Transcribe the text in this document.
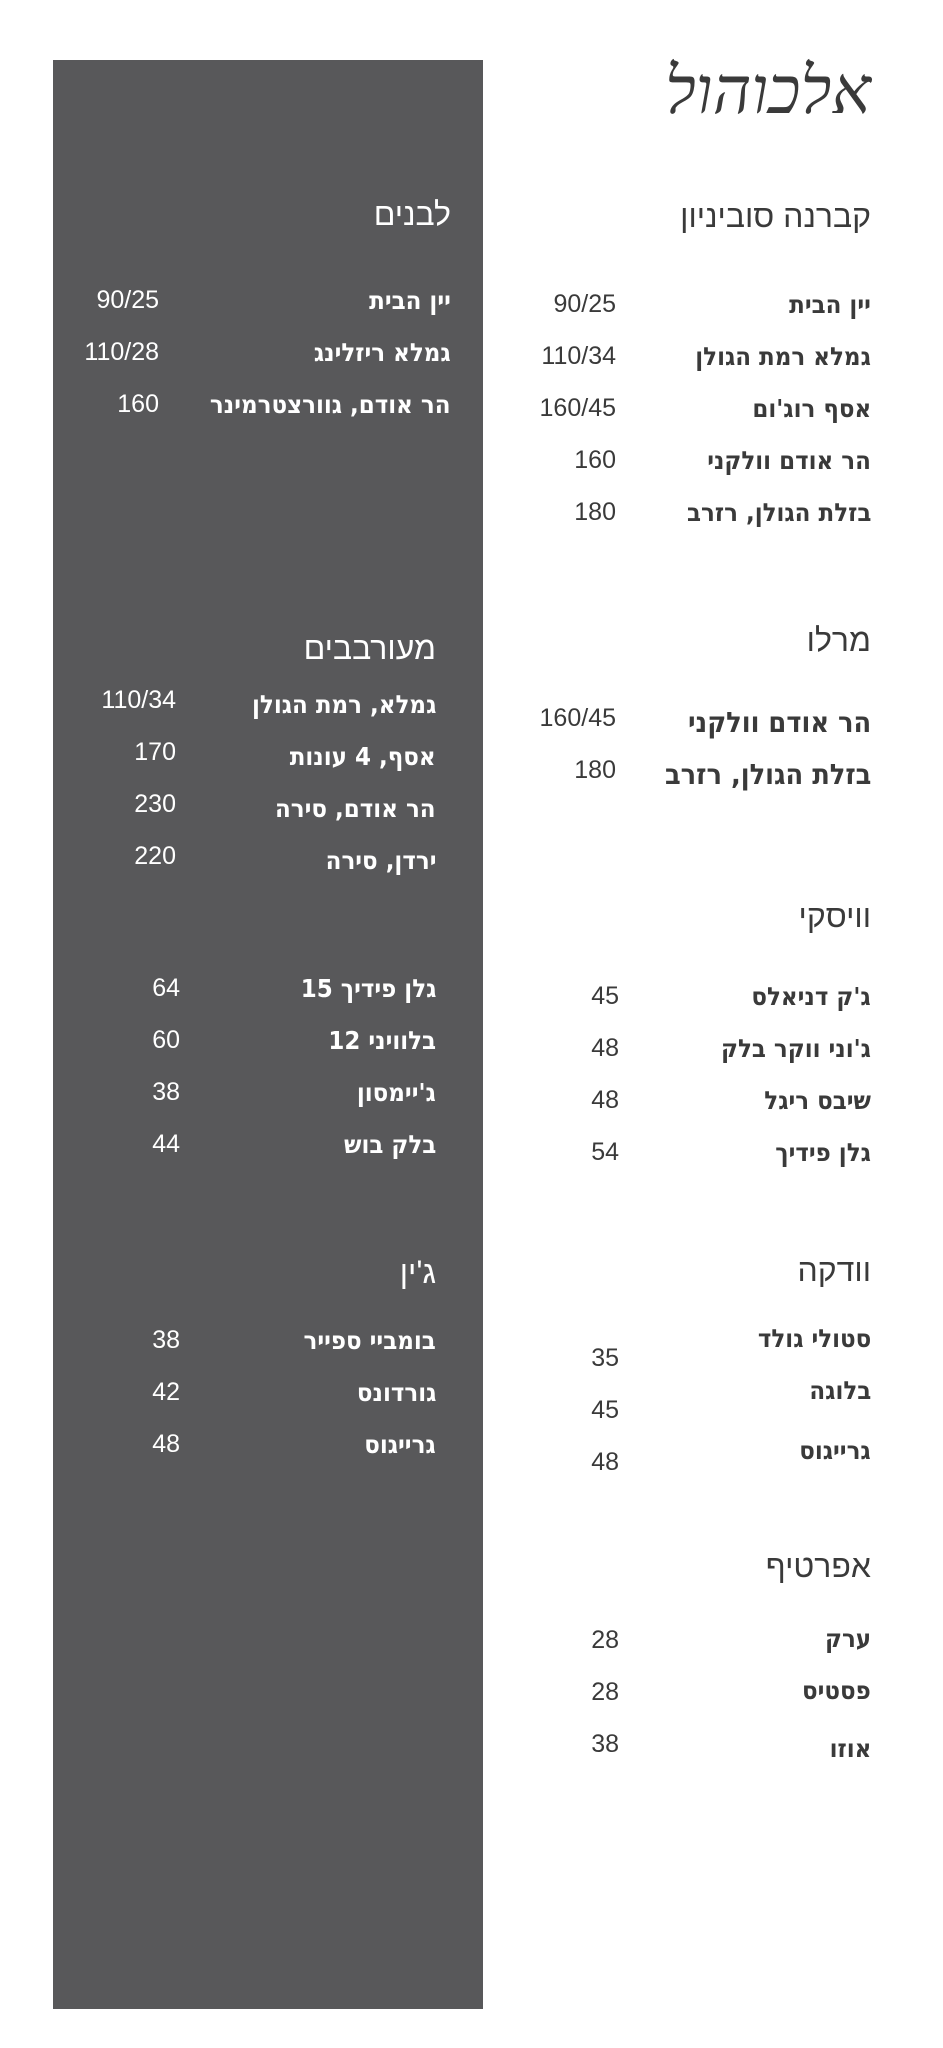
אלכוהול
קברנה סוביניון
יין הבית
90/25
גמלא רמת הגולן
110/34
אסף רוג'ום
160/45
הר אודם וולקני
160
בזלת הגולן, רזרב
180
מרלו
הר אודם וולקני
160/45
בזלת הגולן, רזרב
180
וויסקי
ג'ק דניאלס
45
ג'וני ווקר בלק
48
שיבס ריגל
48
גלן פידיך
54
וודקה
סטולי גולד
35
בלוגה
45
גרייגוס
48
אפרטיף
ערק
28
פסטיס
28
אוזו
38
לבנים
יין הבית
90/25
גמלא ריזלינג
110/28
הר אודם, גוורצטרמינר
160
מעורבבים
גמלא, רמת הגולן
110/34
אסף, 4 עונות
170
הר אודם, סירה
230
ירדן, סירה
220
גלן פידיך 15
64
בלוויני 12
60
ג'יימסון
38
בלק בוש
44
ג'ין
בומביי ספייר
38
גורדונס
42
גרייגוס
48
